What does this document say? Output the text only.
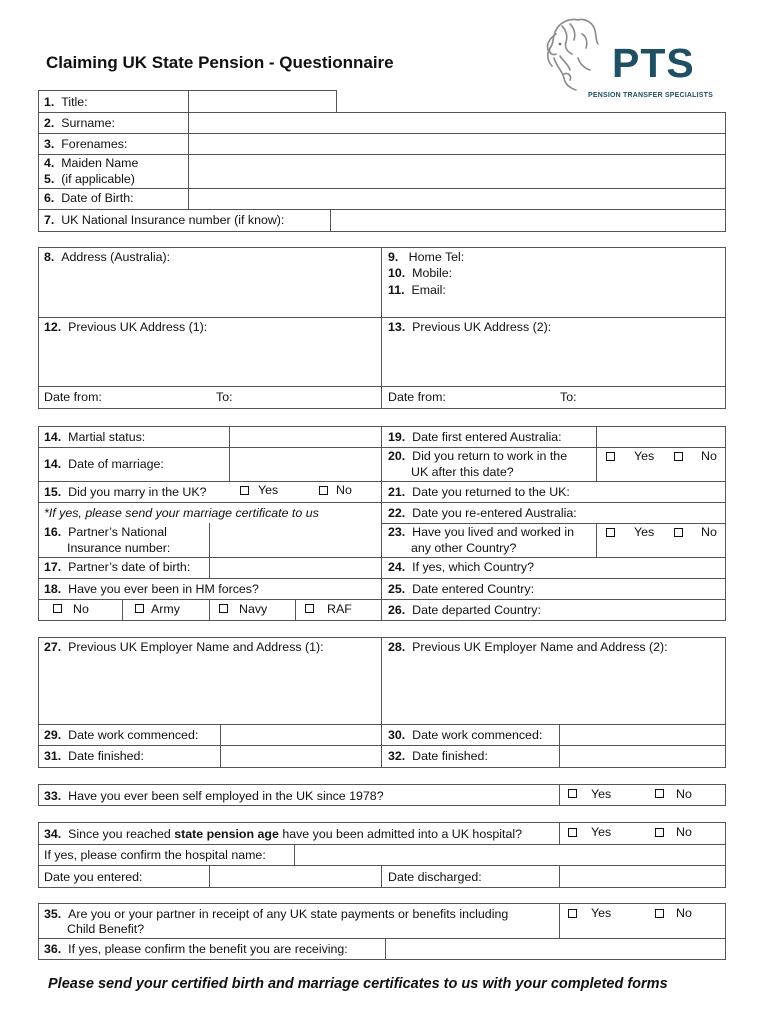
Claiming UK State Pension - Questionnaire	PTS
PENSION TRANSFER SPECIALISTS
1. Title:
2. Surname:
3. Forenames:
4. Maiden Name
5. (if applicable)
6. Date of Birth:
7. UK National Insurance number (if know):
8. Address (Australia):	9. Home Tel:
10. Mobile:
11. Email:
12. Previous UK Address (1):	13. Previous UK Address (2):
Date from:	To:	Date from:	To:
14. Martial status:
14. Date of marriage:
15. Did you marry in the UK?	Yes	No
*If yes, please send your marriage certificate to us
16. Partner’s National
Insurance number:
17. Partner’s date of birth:
18. Have you ever been in HM forces?
No	Army	Navy	RAF
19. Date first entered Australia:
20. Did you return to work in the
UK after this date?
Yes	No
21. Date you returned to the UK:
22. Date you re-entered Australia:
23. Have you lived and worked in
any other Country?
Yes	No
24. If yes, which Country?
25. Date entered Country:
26. Date departed Country:
27. Previous UK Employer Name and Address (1):	28. Previous UK Employer Name and Address (2):
29. Date work commenced:	30. Date work commenced:
31. Date finished:	32. Date finished:
33. Have you ever been self employed in the UK since 1978?	Yes	No
34. Since you reached state pension age have you been admitted into a UK hospital?	Yes	No
If yes, please confirm the hospital name:
Date you entered:	Date discharged:
35. Are you or your partner in receipt of any UK state payments or benefits including
Child Benefit?
Yes	No
36. If yes, please confirm the benefit you are receiving:
Please send your certified birth and marriage certificates to us with your completed forms
